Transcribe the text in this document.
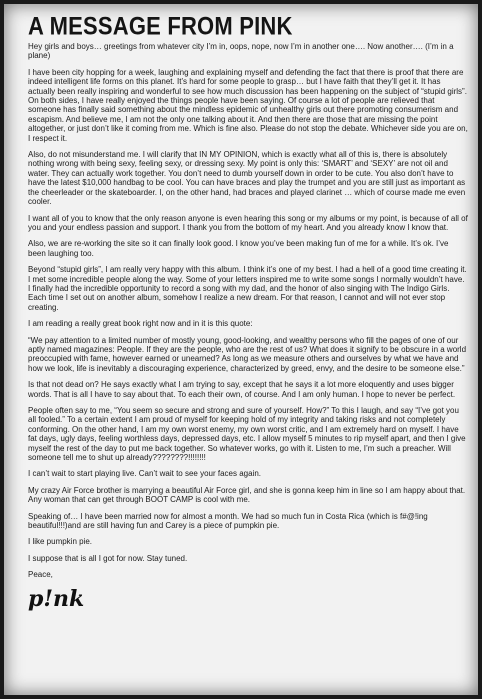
A MESSAGE FROM PINK

Hey girls and boys… greetings from whatever city I’m in, oops, nope, now I’m in another one…. Now another…. (I’m in a plane)

I have been city hopping for a week, laughing and explaining myself and defending the fact that there is proof that there are indeed intelligent life forms on this planet. It’s hard for some people to grasp… but I have faith that they’ll get it. It has actually been really inspiring and wonderful to see how much discussion has been happening on the subject of “stupid girls”. On both sides, I have really enjoyed the things people have been saying. Of course a lot of people are relieved that someone has finally said something about the mindless epidemic of unhealthy girls out there promoting consumerism and escapism. And believe me, I am not the only one talking about it. And then there are those that are missing the point altogether, or just don’t like it coming from me. Which is fine also. Please do not stop the debate. Whichever side you are on, I respect it.

Also, do not misunderstand me. I will clarify that IN MY OPINION, which is exactly what all of this is, there is absolutely nothing wrong with being sexy, feeling sexy, or dressing sexy. My point is only this: ‘SMART’ and ‘SEXY’ are not oil and water. They can actually work together. You don’t need to dumb yourself down in order to be cute. You also don’t have to have the latest $10,000 handbag to be cool. You can have braces and play the trumpet and you are still just as important as the cheerleader or the skateboarder. I, on the other hand, had braces and played clarinet … which of course made me even cooler.

I want all of you to know that the only reason anyone is even hearing this song or my albums or my point, is because of all of you and your endless passion and support. I thank you from the bottom of my heart. And you already know I know that.

Also, we are re-working the site so it can finally look good. I know you’ve been making fun of me for a while. It’s ok. I’ve been laughing too.

Beyond “stupid girls”, I am really very happy with this album. I think it’s one of my best. I had a hell of a good time creating it. I met some incredible people along the way. Some of your letters inspired me to write some songs I normally wouldn’t have. I finally had the incredible opportunity to record a song with my dad, and the honor of also singing with The Indigo Girls. Each time I set out on another album, somehow I realize a new dream. For that reason, I cannot and will not ever stop creating.

I am reading a really great book right now and in it is this quote:

“We pay attention to a limited number of mostly young, good-looking, and wealthy persons who fill the pages of one of our aptly named magazines: People. If they are the people, who are the rest of us? What does it signify to be obscure in a world preoccupied with fame, however earned or unearned? As long as we measure others and ourselves by what we have and how we look, life is inevitably a discouraging experience, characterized by greed, envy, and the desire to be someone else.”

Is that not dead on? He says exactly what I am trying to say, except that he says it a lot more eloquently and uses bigger words. That is all I have to say about that. To each their own, of course. And I am only human. I hope to never be perfect.

People often say to me, “You seem so secure and strong and sure of yourself. How?” To this I laugh, and say “I’ve got you all fooled.” To a certain extent I am proud of myself for keeping hold of my integrity and taking risks and not completely conforming. On the other hand, I am my own worst enemy, my own worst critic, and I am extremely hard on myself. I have fat days, ugly days, feeling worthless days, depressed days, etc. I allow myself 5 minutes to rip myself apart, and then I give myself the rest of the day to put me back together. So whatever works, go with it. Listen to me, I’m such a preacher. Will someone tell me to shut up already????????!!!!!!!!

I can’t wait to start playing live. Can’t wait to see your faces again.

My crazy Air Force brother is marrying a beautiful Air Force girl, and she is gonna keep him in line so I am happy about that. Any woman that can get through BOOT CAMP is cool with me.

Speaking of… I have been married now for almost a month. We had so much fun in Costa Rica (which is f#@!ing beautiful!!!)and are still having fun and Carey is a piece of pumpkin pie.

I like pumpkin pie.

I suppose that is all I got for now. Stay tuned.

Peace,

p!nk
